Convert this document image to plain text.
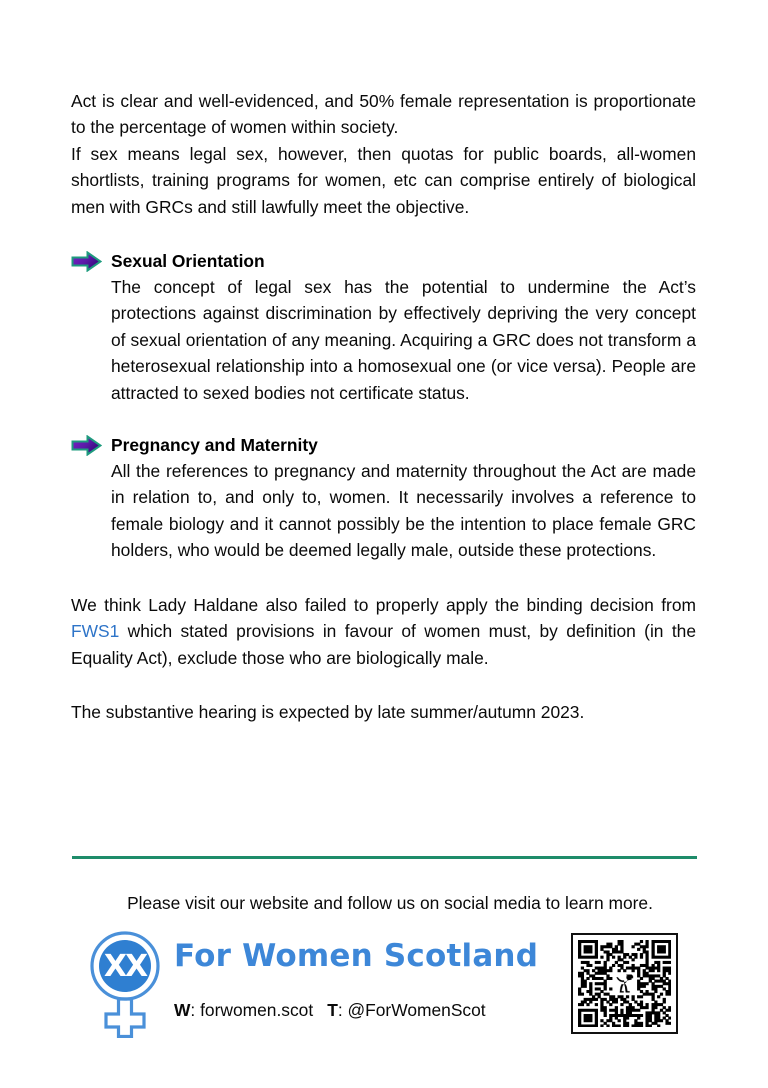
Act is clear and well-evidenced, and 50% female representation is proportionate to the percentage of women within society.

If sex means legal sex, however, then quotas for public boards, all-women shortlists, training programs for women, etc can comprise entirely of biological men with GRCs and still lawfully meet the objective.

Sexual Orientation

The concept of legal sex has the potential to undermine the Act’s protections against discrimination by effectively depriving the very concept of sexual orientation of any meaning. Acquiring a GRC does not transform a heterosexual relationship into a homosexual one (or vice versa). People are attracted to sexed bodies not certificate status.

Pregnancy and Maternity

All the references to pregnancy and maternity throughout the Act are made in relation to, and only to, women. It necessarily involves a reference to female biology and it cannot possibly be the intention to place female GRC holders, who would be deemed legally male, outside these protections.

We think Lady Haldane also failed to properly apply the binding decision from FWS1 which stated provisions in favour of women must, by definition (in the Equality Act), exclude those who are biologically male.

The substantive hearing is expected by late summer/autumn 2023.

Please visit our website and follow us on social media to learn more.
XX For Women Scotland
W: forwomen.scot T: @ForWomenScot
